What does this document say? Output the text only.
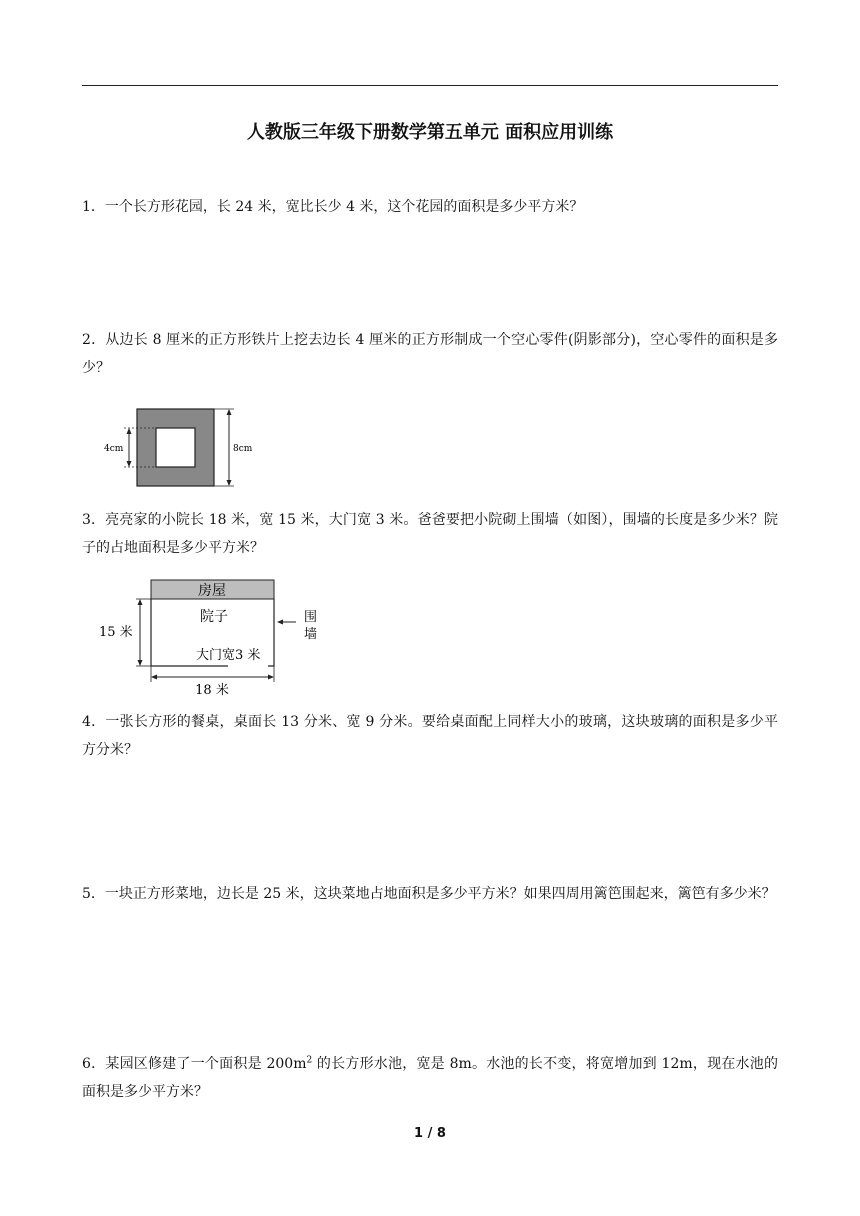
人教版三年级下册数学第五单元 面积应用训练
1．一个长方形花园，长 24 米，宽比长少 4 米，这个花园的面积是多少平方米？
2．从边长 8 厘米的正方形铁片上挖去边长 4 厘米的正方形制成一个空心零件(阴影部分)，空心零件的面积是多少？
4cm	8cm
3．亮亮家的小院长 18 米，宽 15 米，大门宽 3 米。爸爸要把小院砌上围墙（如图），围墙的长度是多少米？院子的占地面积是多少平方米？
房屋
院子	围
墙
15 米
大门宽3 米
18 米
4．一张长方形的餐桌，桌面长 13 分米、宽 9 分米。要给桌面配上同样大小的玻璃，这块玻璃的面积是多少平方分米？
5．一块正方形菜地，边长是 25 米，这块菜地占地面积是多少平方米？如果四周用篱笆围起来，篱笆有多少米？
6．某园区修建了一个面积是 $200m^2$ 的长方形水池，宽是 8m。水池的长不变，将宽增加到 12m，现在水池的面积是多少平方米？
1 / 8
